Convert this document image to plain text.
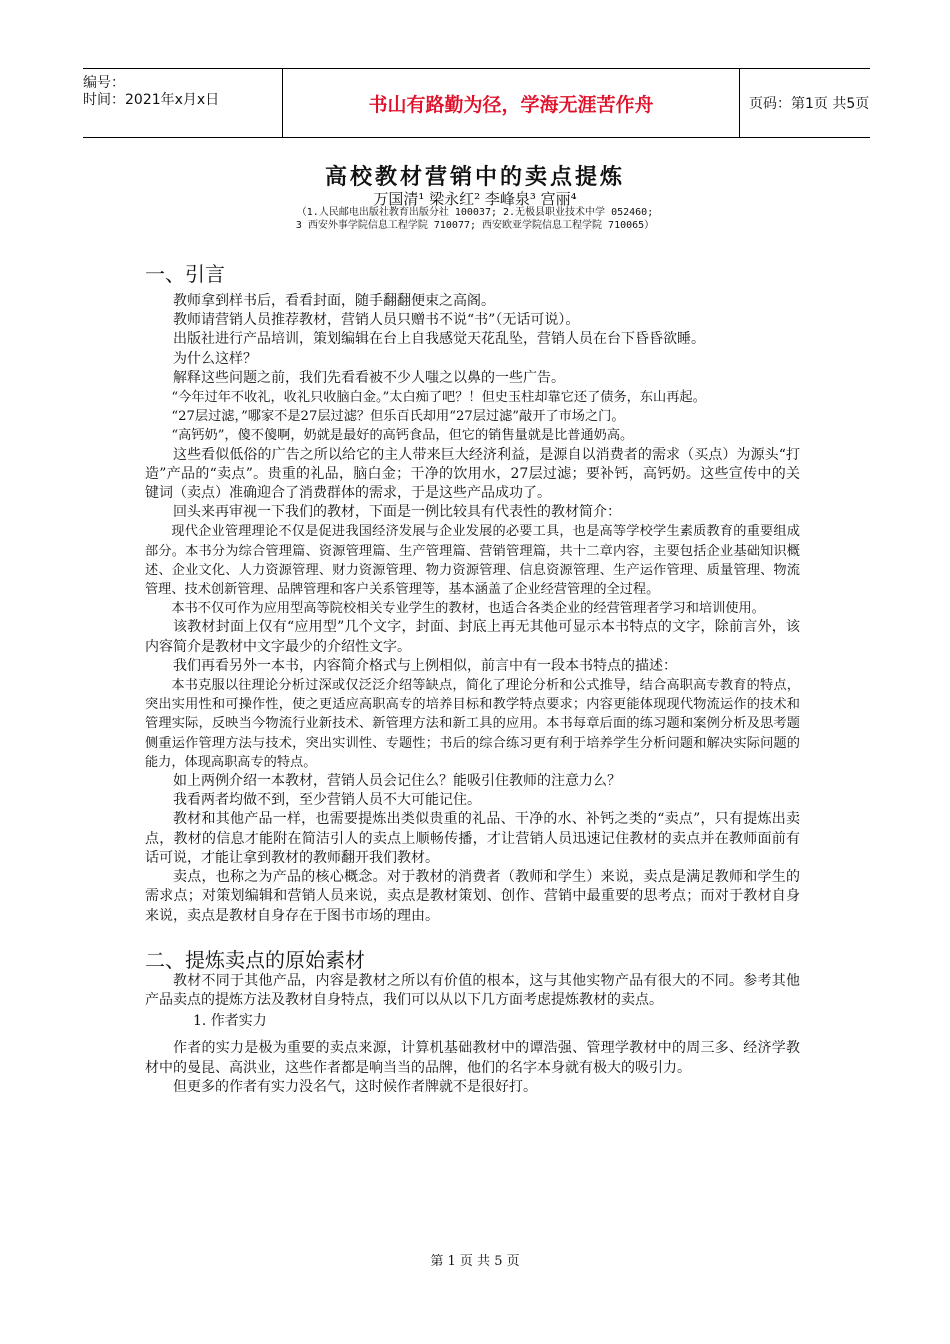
编号：
时间：2021年x月x日	书山有路勤为径，学海无涯苦作舟	页码：第1页 共5页
高校教材营销中的卖点提炼
万国清¹ 梁永红² 李峰泉³ 宫丽⁴
（1.人民邮电出版社教育出版分社 100037; 2.无极县职业技术中学 052460;
3 西安外事学院信息工程学院 710077; 西安欧亚学院信息工程学院 710065）
一、引言

教师拿到样书后，看看封面，随手翻翻便束之高阁。

教师请营销人员推荐教材，营销人员只赠书不说“书”（无话可说）。

出版社进行产品培训，策划编辑在台上自我感觉天花乱坠，营销人员在台下昏昏欲睡。

为什么这样？

解释这些问题之前，我们先看看被不少人嗤之以鼻的一些广告。

“今年过年不收礼，收礼只收脑白金。”太白痴了吧？！但史玉柱却靠它还了债务，东山再起。

“27层过滤，”哪家不是27层过滤？但乐百氏却用“27层过滤”敲开了市场之门。

“高钙奶”，傻不傻啊，奶就是最好的高钙食品，但它的销售量就是比普通奶高。

这些看似低俗的广告之所以给它的主人带来巨大经济利益，是源自以消费者的需求（买点）为源头“打造”产品的“卖点”。贵重的礼品，脑白金；干净的饮用水，27层过滤；要补钙，高钙奶。这些宣传中的关键词（卖点）准确迎合了消费群体的需求，于是这些产品成功了。

回头来再审视一下我们的教材，下面是一例比较具有代表性的教材简介：

现代企业管理理论不仅是促进我国经济发展与企业发展的必要工具，也是高等学校学生素质教育的重要组成部分。本书分为综合管理篇、资源管理篇、生产管理篇、营销管理篇，共十二章内容，主要包括企业基础知识概述、企业文化、人力资源管理、财力资源管理、物力资源管理、信息资源管理、生产运作管理、质量管理、物流管理、技术创新管理、品牌管理和客户关系管理等，基本涵盖了企业经营管理的全过程。

本书不仅可作为应用型高等院校相关专业学生的教材，也适合各类企业的经营管理者学习和培训使用。

该教材封面上仅有“应用型”几个文字，封面、封底上再无其他可显示本书特点的文字，除前言外，该内容简介是教材中文字最少的介绍性文字。

我们再看另外一本书，内容简介格式与上例相似，前言中有一段本书特点的描述：

本书克服以往理论分析过深或仅泛泛介绍等缺点，简化了理论分析和公式推导，结合高职高专教育的特点，突出实用性和可操作性，使之更适应高职高专的培养目标和教学特点要求；内容更能体现现代物流运作的技术和管理实际，反映当今物流行业新技术、新管理方法和新工具的应用。本书每章后面的练习题和案例分析及思考题侧重运作管理方法与技术，突出实训性、专题性；书后的综合练习更有利于培养学生分析问题和解决实际问题的能力，体现高职高专的特点。

如上两例介绍一本教材，营销人员会记住么？能吸引住教师的注意力么？

我看两者均做不到，至少营销人员不大可能记住。

教材和其他产品一样，也需要提炼出类似贵重的礼品、干净的水、补钙之类的“卖点”，只有提炼出卖点，教材的信息才能附在简洁引人的卖点上顺畅传播，才让营销人员迅速记住教材的卖点并在教师面前有话可说，才能让拿到教材的教师翻开我们教材。

卖点，也称之为产品的核心概念。对于教材的消费者（教师和学生）来说，卖点是满足教师和学生的需求点；对策划编辑和营销人员来说，卖点是教材策划、创作、营销中最重要的思考点；而对于教材自身来说，卖点是教材自身存在于图书市场的理由。

二、提炼卖点的原始素材

教材不同于其他产品，内容是教材之所以有价值的根本，这与其他实物产品有很大的不同。参考其他产品卖点的提炼方法及教材自身特点，我们可以从以下几方面考虑提炼教材的卖点。

1. 作者实力

作者的实力是极为重要的卖点来源，计算机基础教材中的谭浩强、管理学教材中的周三多、经济学教材中的曼昆、高洪业，这些作者都是响当当的品牌，他们的名字本身就有极大的吸引力。

但更多的作者有实力没名气，这时候作者牌就不是很好打。

第 1 页 共 5 页
